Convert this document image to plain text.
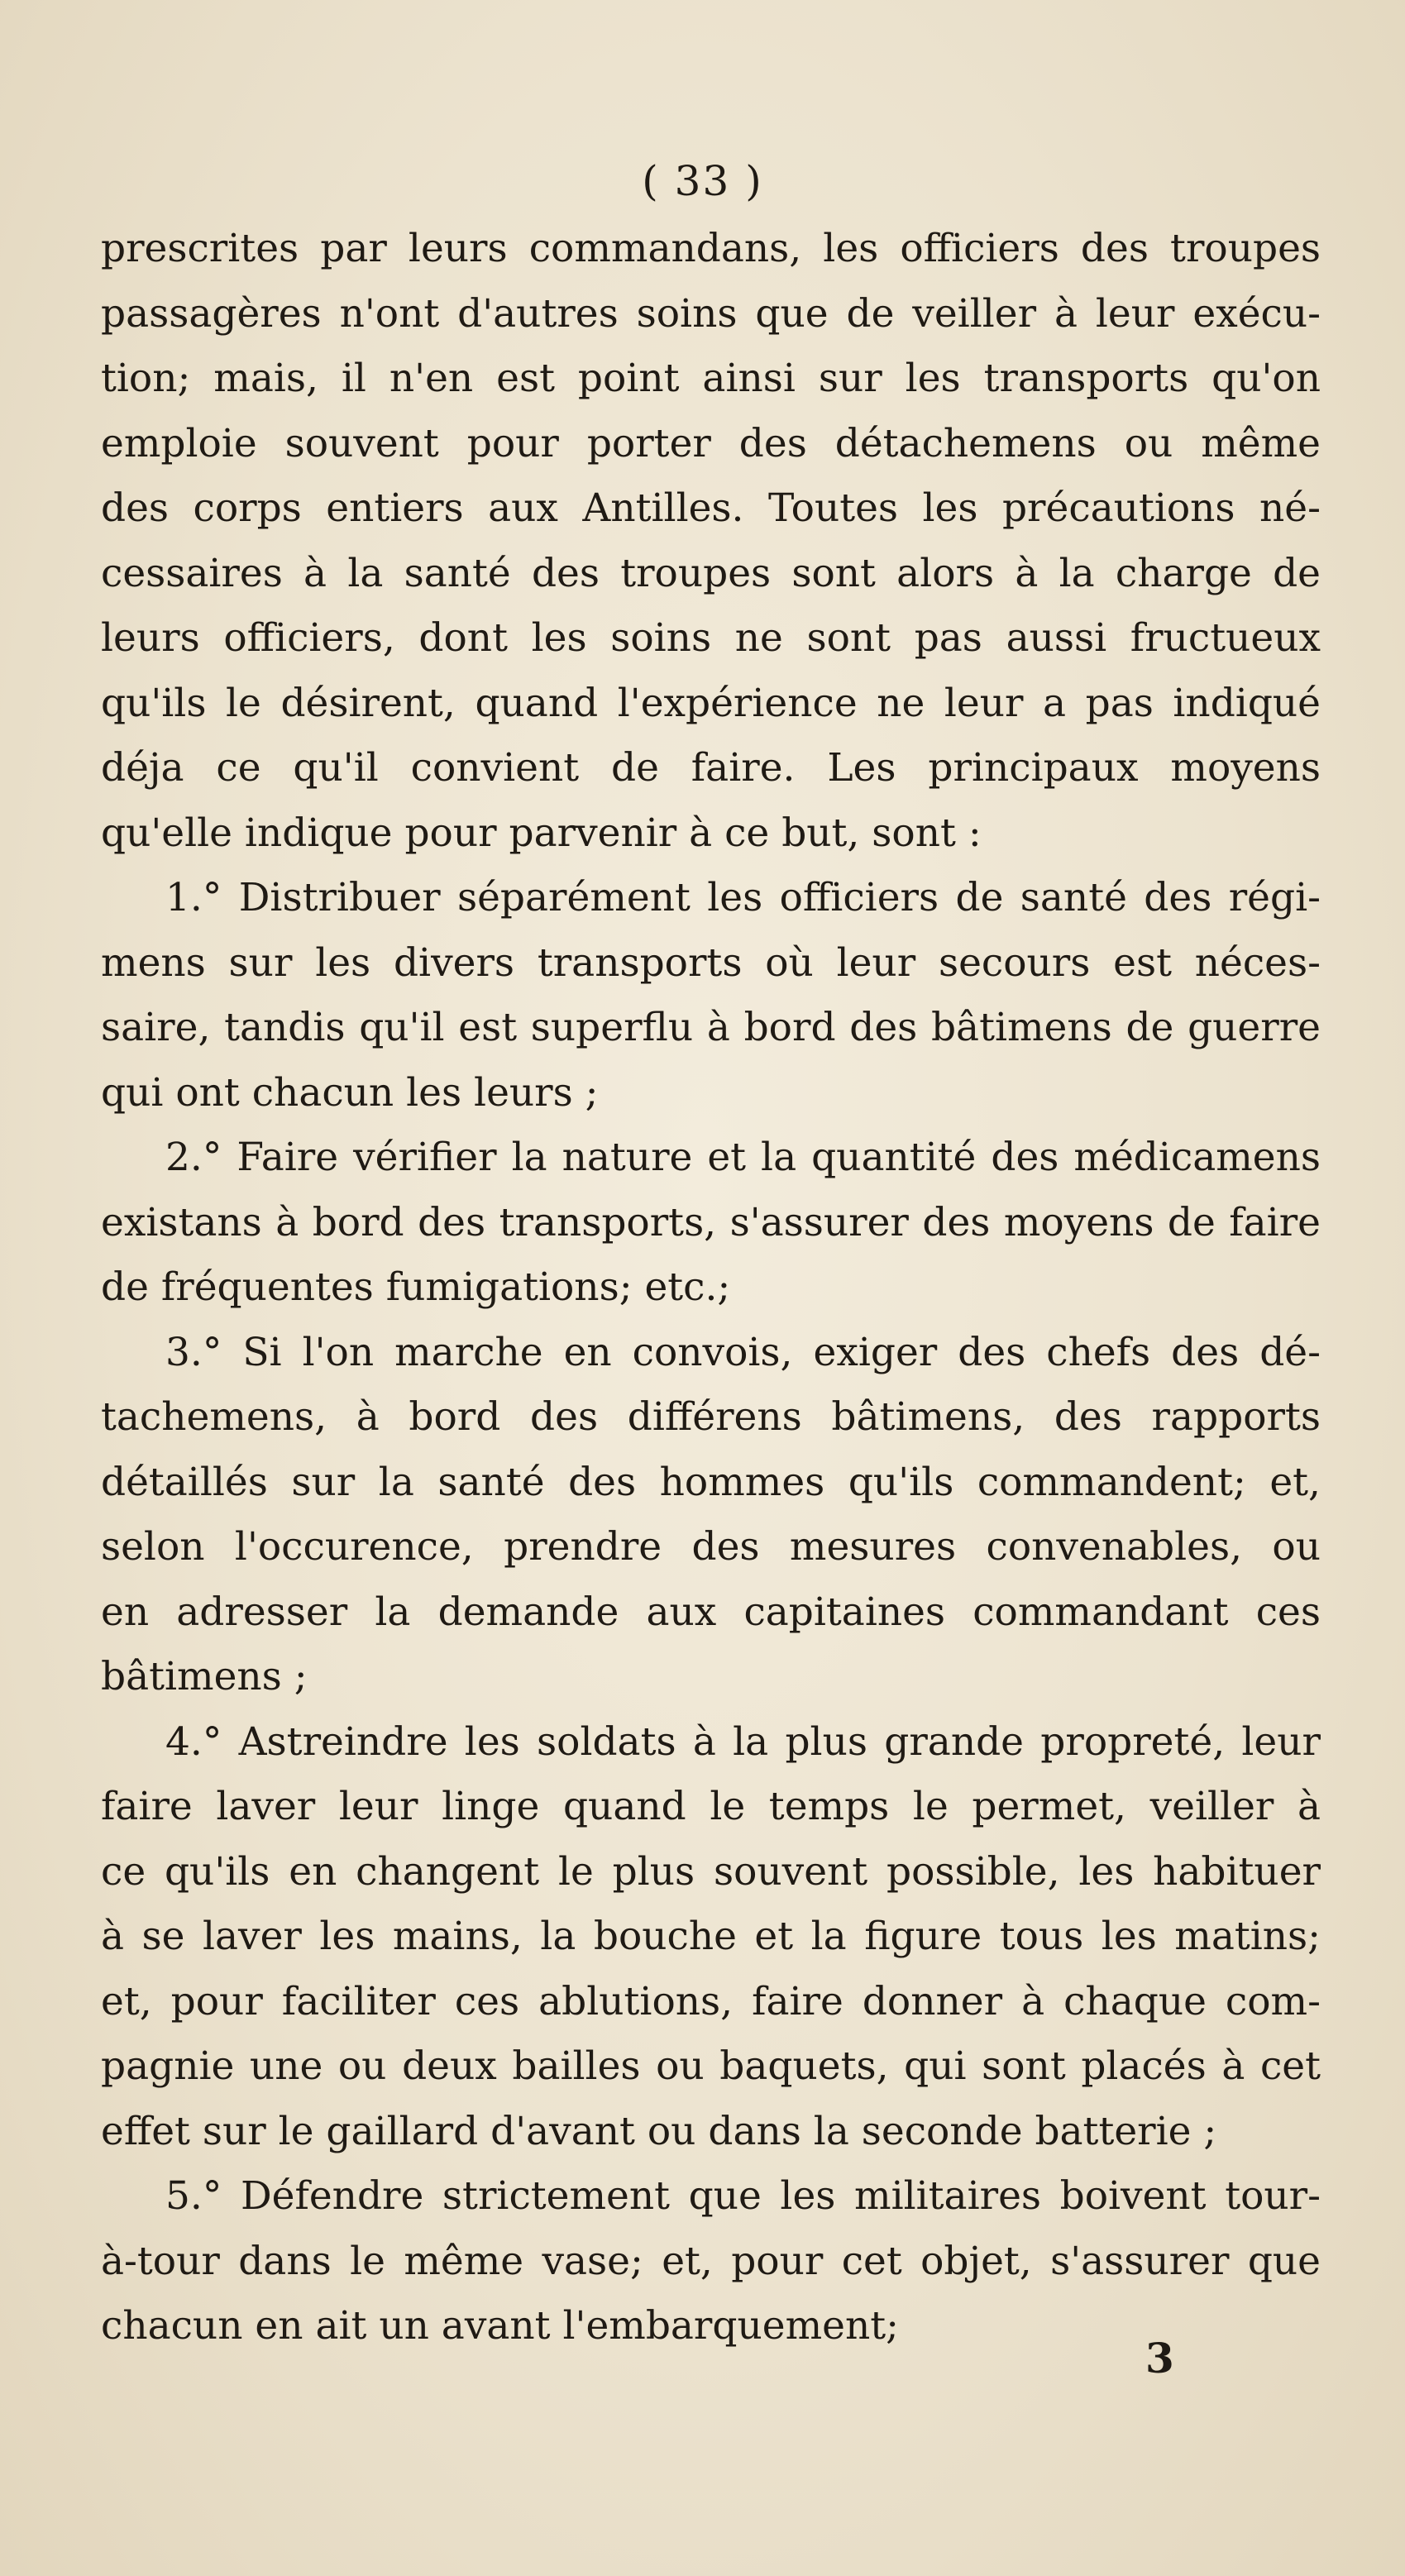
( 33 )
prescrites par leurs commandans, les officiers des troupes
passagères n'ont d'autres soins que de veiller à leur exécu-
tion; mais, il n'en est point ainsi sur les transports qu'on
emploie souvent pour porter des détachemens ou même
des corps entiers aux Antilles. Toutes les précautions né-
cessaires à la santé des troupes sont alors à la charge de
leurs officiers, dont les soins ne sont pas aussi fructueux
qu'ils le désirent, quand l'expérience ne leur a pas indiqué
déja ce qu'il convient de faire. Les principaux moyens
qu'elle indique pour parvenir à ce but, sont :
1.° Distribuer séparément les officiers de santé des régi-
mens sur les divers transports où leur secours est néces-
saire, tandis qu'il est superflu à bord des bâtimens de guerre
qui ont chacun les leurs ;
2.° Faire vérifier la nature et la quantité des médicamens
existans à bord des transports, s'assurer des moyens de faire
de fréquentes fumigations; etc.;
3.° Si l'on marche en convois, exiger des chefs des dé-
tachemens, à bord des différens bâtimens, des rapports
détaillés sur la santé des hommes qu'ils commandent; et,
selon l'occurence, prendre des mesures convenables, ou
en adresser la demande aux capitaines commandant ces
bâtimens ;
4.° Astreindre les soldats à la plus grande propreté, leur
faire laver leur linge quand le temps le permet, veiller à
ce qu'ils en changent le plus souvent possible, les habituer
à se laver les mains, la bouche et la figure tous les matins;
et, pour faciliter ces ablutions, faire donner à chaque com-
pagnie une ou deux bailles ou baquets, qui sont placés à cet
effet sur le gaillard d'avant ou dans la seconde batterie ;
5.° Défendre strictement que les militaires boivent tour-
à-tour dans le même vase; et, pour cet objet, s'assurer que
chacun en ait un avant l'embarquement;
3
